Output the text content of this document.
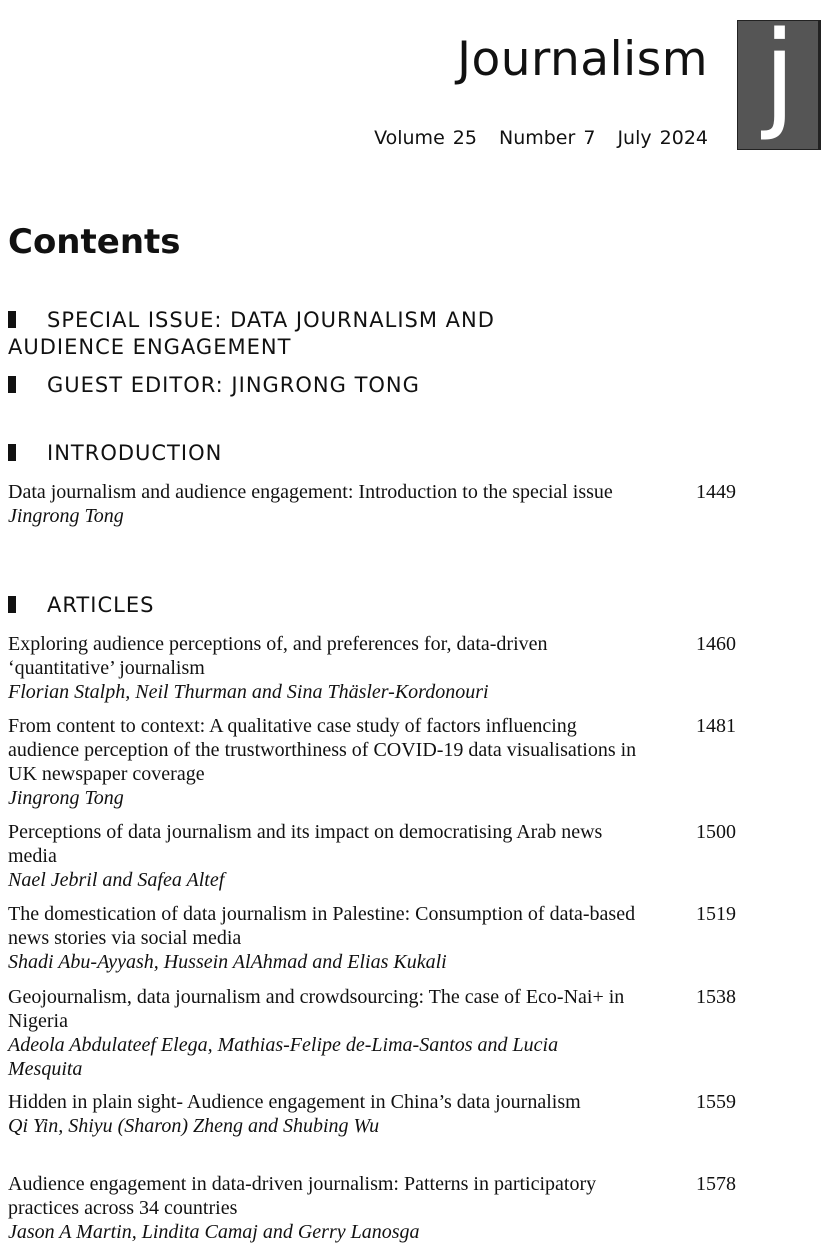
Journalism j
Volume 25 Number 7 July 2024
Contents
SPECIAL ISSUE: DATA JOURNALISM AND AUDIENCE ENGAGEMENT
GUEST EDITOR: JINGRONG TONG
INTRODUCTION
Data journalism and audience engagement: Introduction to the special issue
Jingrong Tong
1449
ARTICLES
Exploring audience perceptions of, and preferences for, data-driven ‘quantitative’ journalism
Florian Stalph, Neil Thurman and Sina Thäsler-Kordonouri
1460
From content to context: A qualitative case study of factors influencing audience perception of the trustworthiness of COVID-19 data visualisations in UK newspaper coverage
Jingrong Tong
1481
Perceptions of data journalism and its impact on democratising Arab news media
Nael Jebril and Safea Altef
1500
The domestication of data journalism in Palestine: Consumption of data-based news stories via social media
Shadi Abu-Ayyash, Hussein AlAhmad and Elias Kukali
1519
Geojournalism, data journalism and crowdsourcing: The case of Eco-Nai+ in Nigeria
Adeola Abdulateef Elega, Mathias-Felipe de-Lima-Santos and Lucia Mesquita
1538
Hidden in plain sight- Audience engagement in China’s data journalism
Qi Yin, Shiyu (Sharon) Zheng and Shubing Wu
1559
Audience engagement in data-driven journalism: Patterns in participatory practices across 34 countries
Jason A Martin, Lindita Camaj and Gerry Lanosga
1578
